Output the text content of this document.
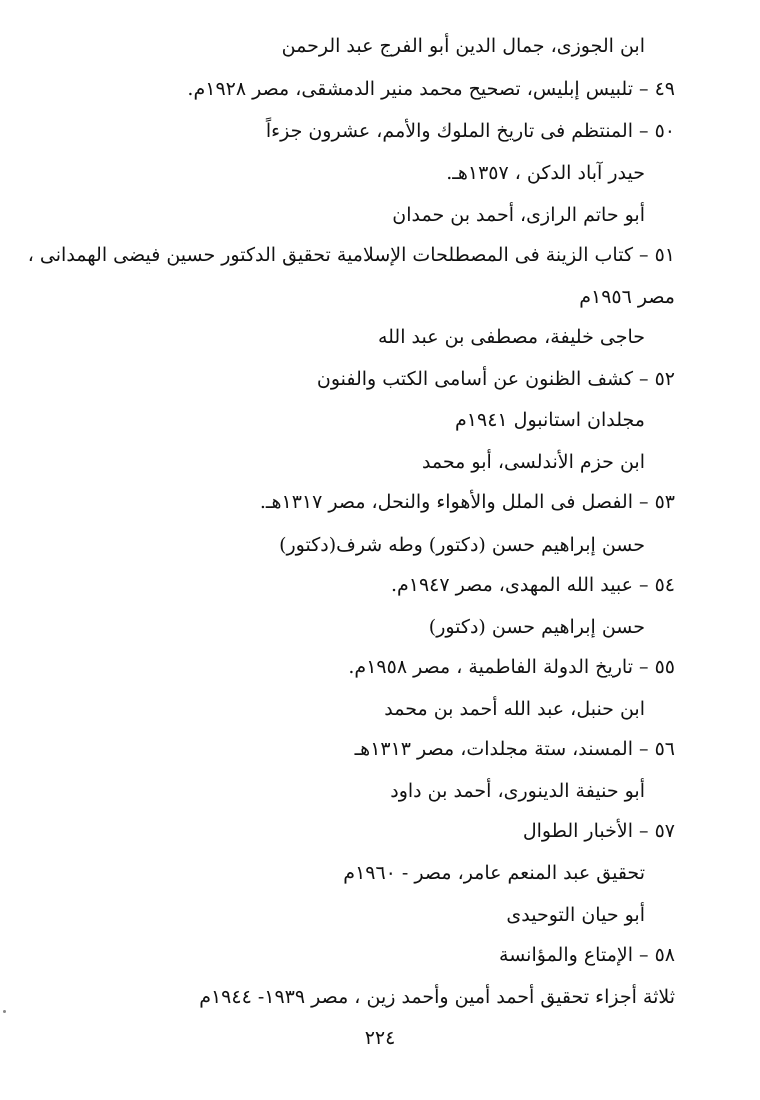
ابن الجوزى، جمال الدين أبو الفرج عبد الرحمن
٤٩ – تلبيس إبليس، تصحيح محمد منير الدمشقى، مصر ١٩٢٨م.
٥٠ – المنتظم فى تاريخ الملوك والأمم، عشرون جزءاً
حيدر آباد الدكن ، ١٣٥٧هـ.
أبو حاتم الرازى، أحمد بن حمدان
٥١ – كتاب الزينة فى المصطلحات الإسلامية تحقيق الدكتور حسين فيضى الهمدانى ،
مصر ١٩٥٦م
حاجى خليفة، مصطفى بن عبد الله
٥٢ – كشف الظنون عن أسامى الكتب والفنون
مجلدان استانبول ١٩٤١م
ابن حزم الأندلسى، أبو محمد
٥٣ – الفصل فى الملل والأهواء والنحل، مصر ١٣١٧هـ.
حسن إبراهيم حسن (دكتور) وطه شرف(دكتور)
٥٤ – عبيد الله المهدى، مصر ١٩٤٧م.
حسن إبراهيم حسن (دكتور)
٥٥ – تاريخ الدولة الفاطمية ، مصر ١٩٥٨م.
ابن حنبل، عبد الله أحمد بن محمد
٥٦ – المسند، ستة مجلدات، مصر ١٣١٣هـ
أبو حنيفة الدينورى، أحمد بن داود
٥٧ – الأخبار الطوال
تحقيق عبد المنعم عامر، مصر - ١٩٦٠م
أبو حيان التوحيدى
٥٨ – الإمتاع والمؤانسة
ثلاثة أجزاء تحقيق أحمد أمين وأحمد زين ، مصر ١٩٣٩- ١٩٤٤م
٢٢٤
